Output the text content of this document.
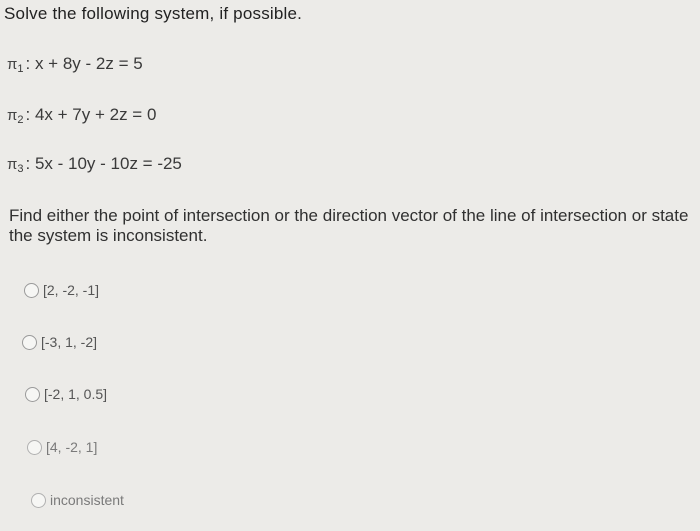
Solve the following system, if possible.
π 1 :
x + 8y - 2z = 5
π 2 :
4x + 7y + 2z = 0
π 3 :
5x - 10y - 10z = -25
Find either the point of intersection or the direction vector of the line of intersection or state the system is inconsistent.
[2, -2, -1]
[-3, 1, -2]
[-2, 1, 0.5]
[4, -2, 1]
inconsistent
